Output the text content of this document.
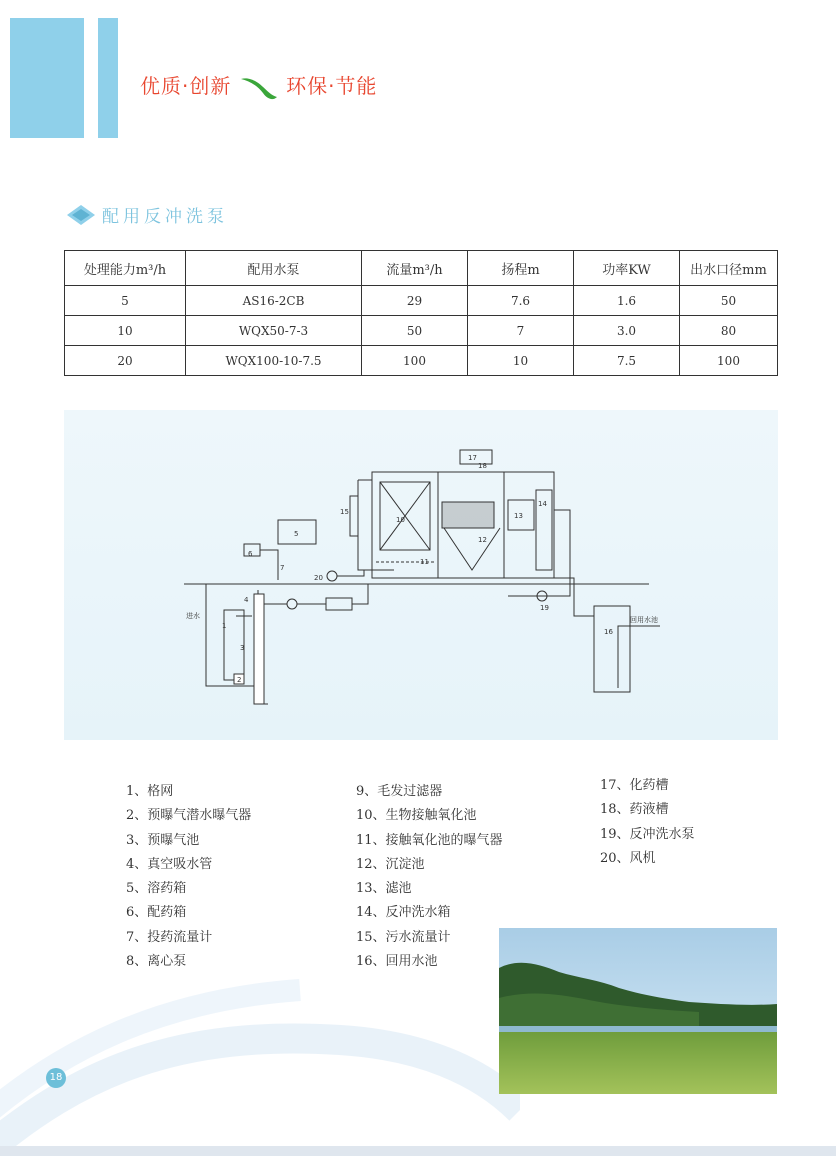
优质·创新	环保·节能
配用反冲洗泵
处理能力m³/h	配用水泵	流量m³/h	扬程m	功率KW	出水口径mm
5	AS16-2CB	29	7.6	1.6	50
10	WQX50-7-3	50	7	3.0	80
20	WQX100-10-7.5	100	10	7.5	100
进水
1
2
3
4
5
6
7
20
10
11
12
13
14
15
17
18
19
16
回用水池
1、格网
2、预曝气潜水曝气器
3、预曝气池
4、真空吸水管
5、溶药箱
6、配药箱
7、投药流量计
8、离心泵
9、毛发过滤器
10、生物接触氧化池
11、接触氧化池的曝气器
12、沉淀池
13、滤池
14、反冲洗水箱
15、污水流量计
16、回用水池
17、化药槽
18、药液槽
19、反冲洗水泵
20、风机
18
